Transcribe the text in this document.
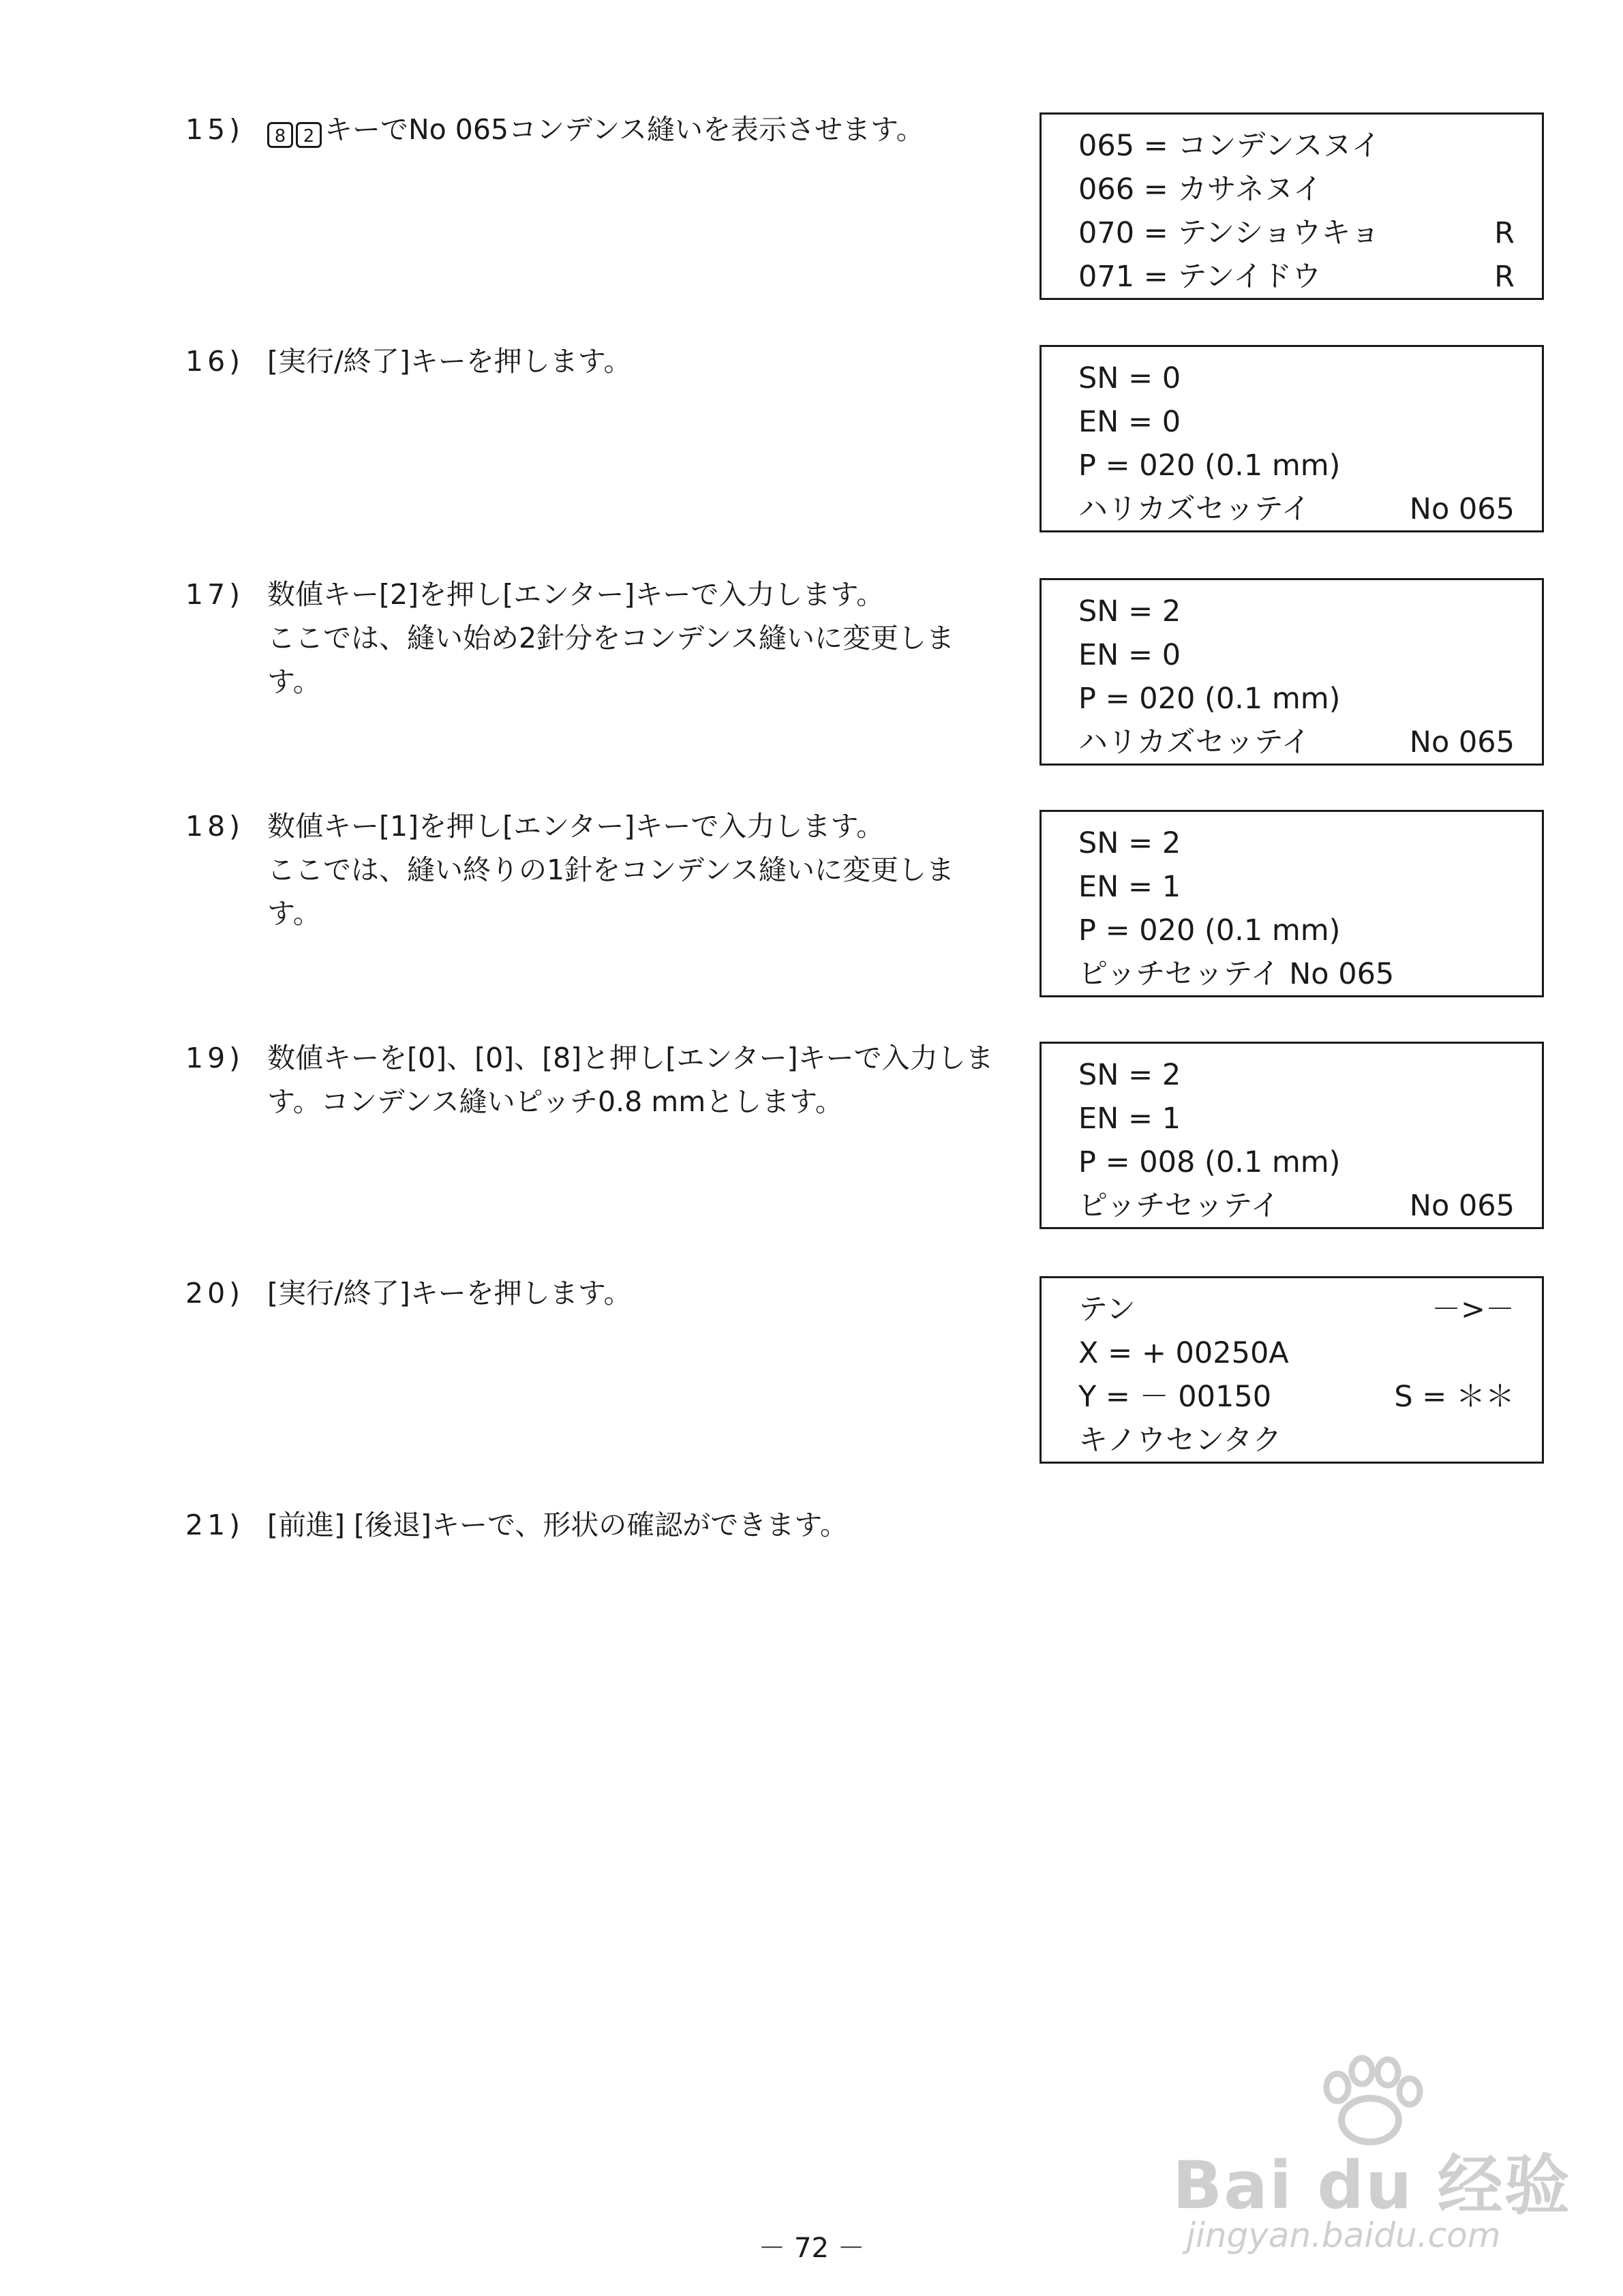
15) 8 2 キーでNo 065コンデンス縫いを表示させます。	065 = コンデンスヌイ
066 = カサネヌイ
070 = テンショウキョ	R
071 = テンイドウ	R
16) [実行/終了]キーを押します。	SN = 0
EN = 0
P = 020 (0.1 mm)
ハリカズセッテイ	No 065
17) 数値キー[2]を押し[エンター]キーで入力します。
ここでは、縫い始め2針分をコンデンス縫いに変更しま
す。
SN = 2
EN = 0
P = 020 (0.1 mm)
ハリカズセッテイ	No 065
18) 数値キー[1]を押し[エンター]キーで入力します。
ここでは、縫い終りの1針をコンデンス縫いに変更しま
す。
SN = 2
EN = 1
P = 020 (0.1 mm)
ピッチセッテイ No 065
19) 数値キーを[0]、[0]、[8]と押し[エンター]キーで入力しま
す。コンデンス縫いピッチ0.8 mmとします。
SN = 2
EN = 1
P = 008 (0.1 mm)
ピッチセッテイ	No 065
20) [実行/終了]キーを押します。	テン	－>－
X = + 00250A
Y = － 00150	S = ＊＊
キノウセンタク
21) [前進] [後退]キーで、形状の確認ができます。
Bai du 经验
jingyan.baidu.com
－ 72 －
